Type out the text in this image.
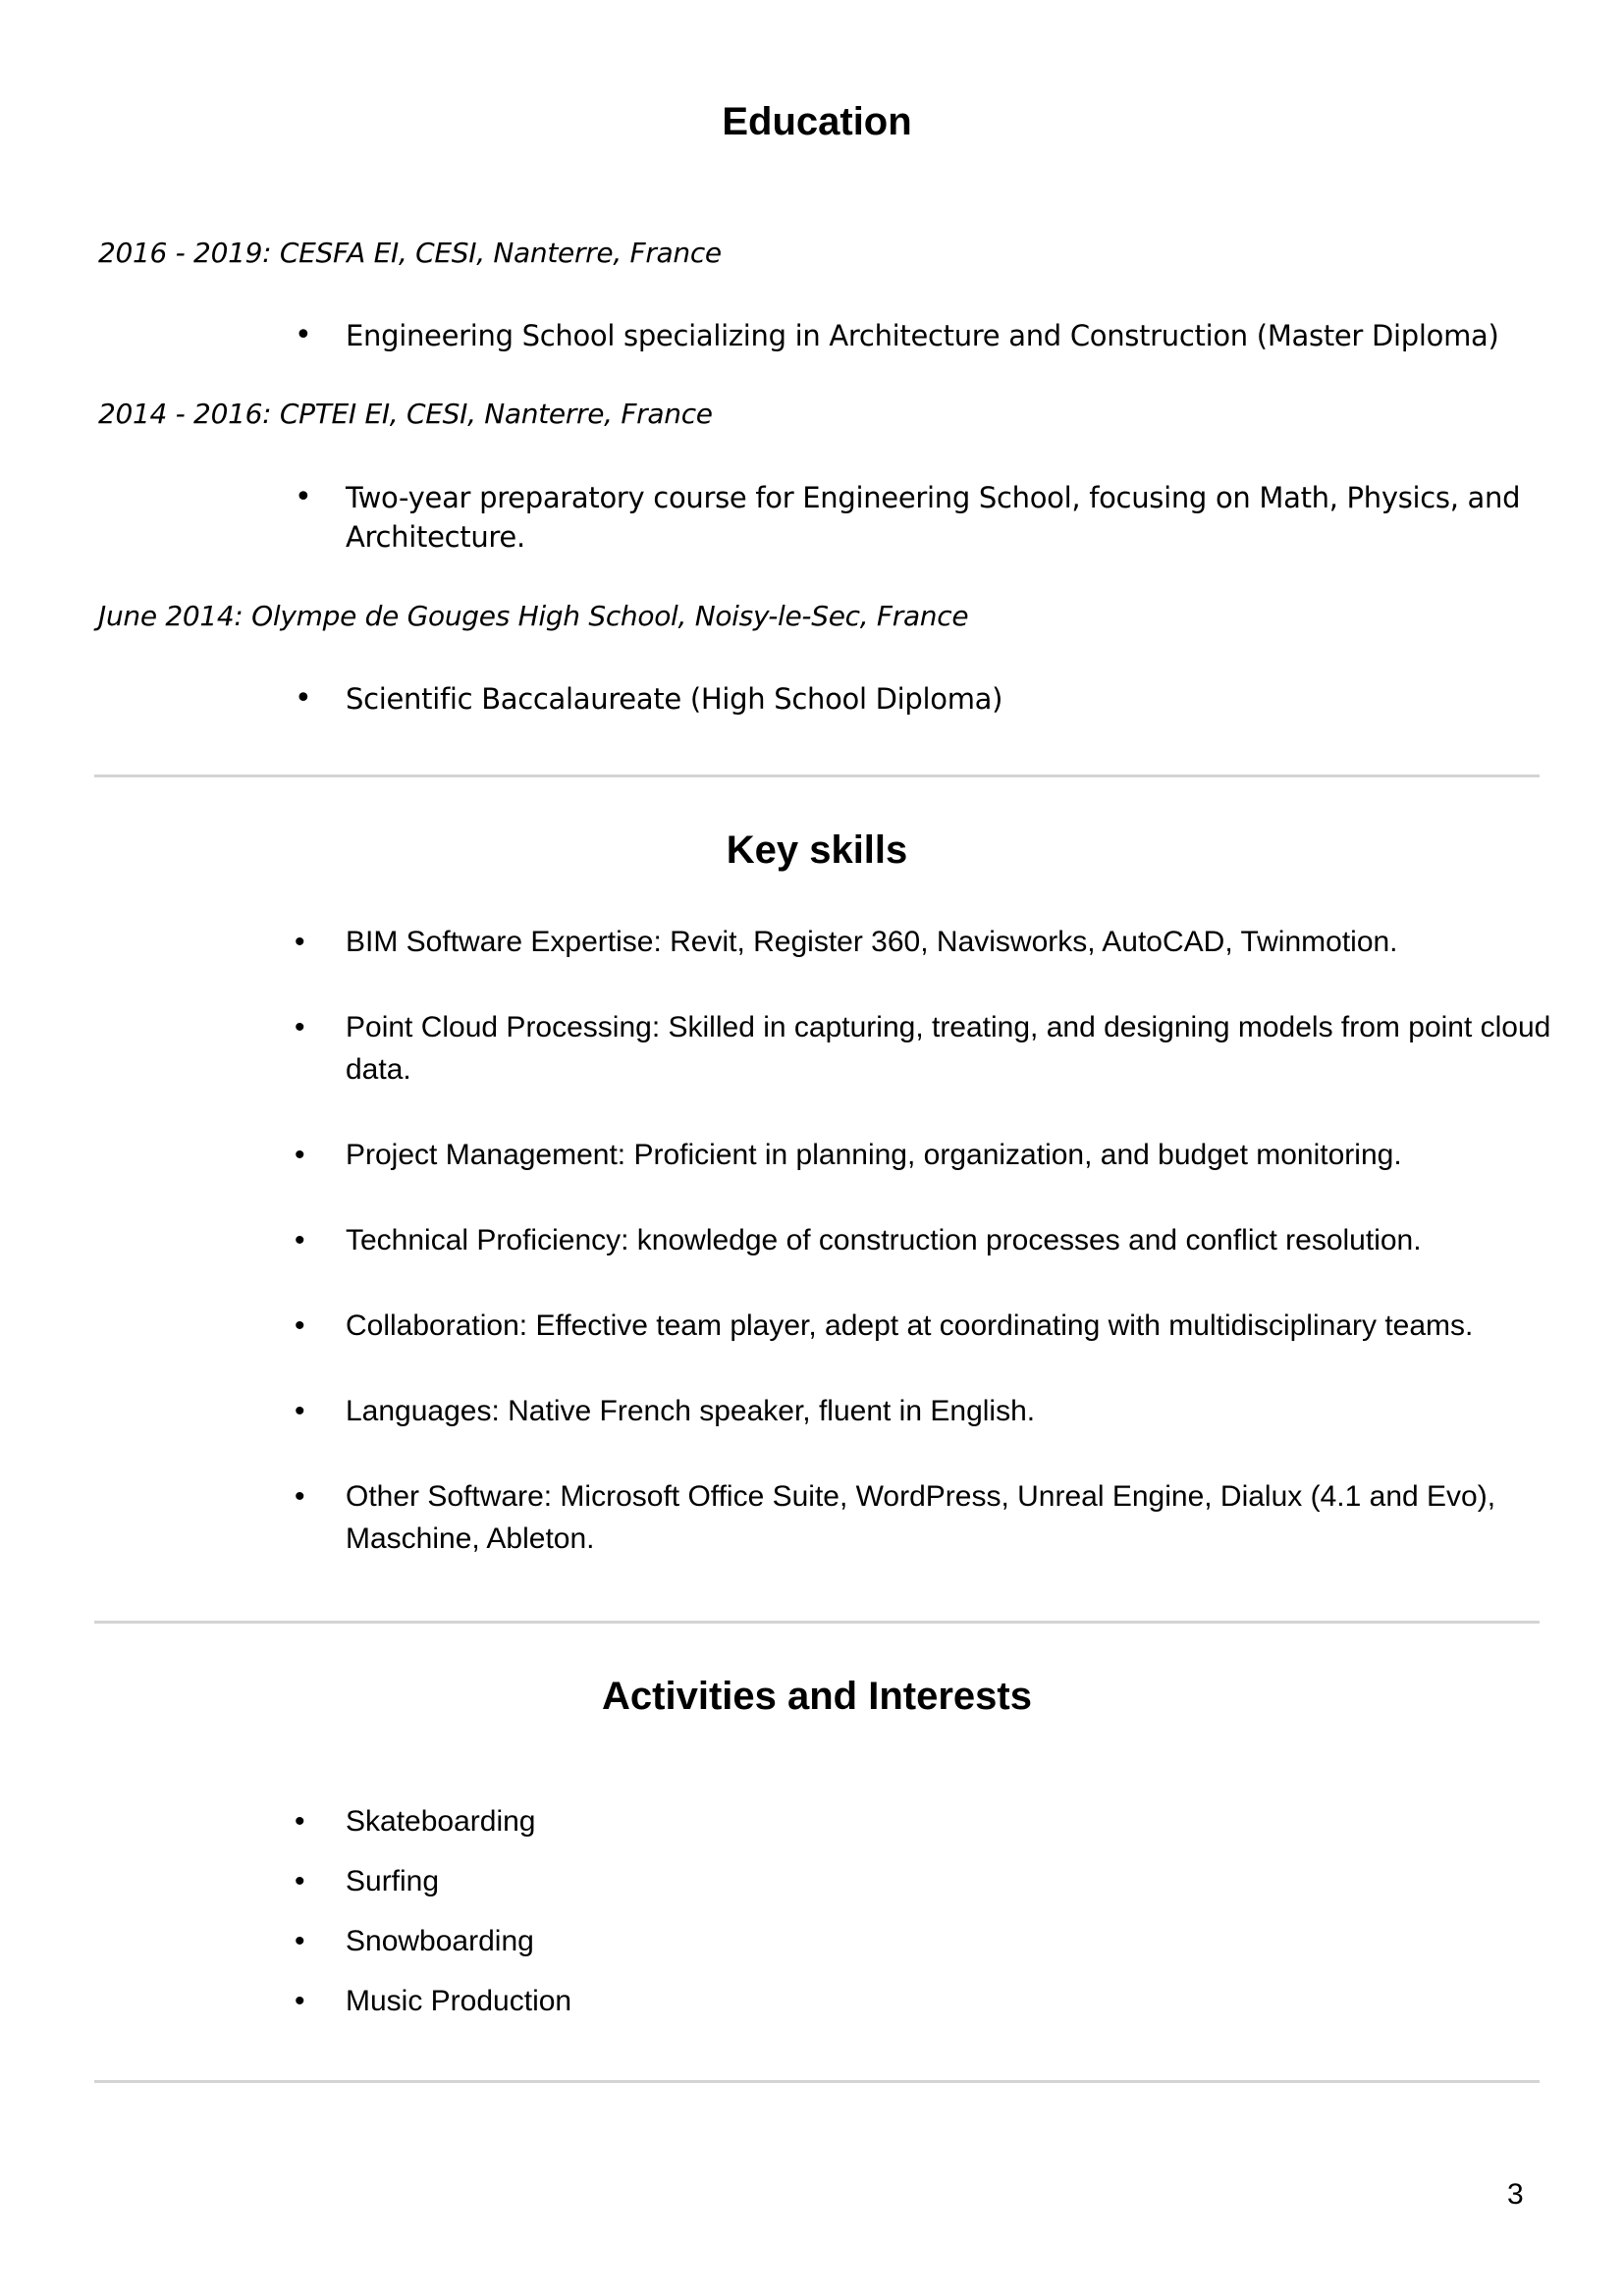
Education

2016 - 2019: CESFA EI, CESI, Nanterre, France

• Engineering School specializing in Architecture and Construction (Master Diploma)

2014 - 2016: CPTEI EI, CESI, Nanterre, France

• Two-year preparatory course for Engineering School, focusing on Math, Physics, and Architecture.

June 2014: Olympe de Gouges High School, Noisy-le-Sec, France

• Scientific Baccalaureate (High School Diploma)
Key skills
• BIM Software Expertise: Revit, Register 360, Navisworks, AutoCAD, Twinmotion.
• Point Cloud Processing: Skilled in capturing, treating, and designing models from point cloud data.
• Project Management: Proficient in planning, organization, and budget monitoring.
• Technical Proficiency: knowledge of construction processes and conflict resolution.
• Collaboration: Effective team player, adept at coordinating with multidisciplinary teams.
• Languages: Native French speaker, fluent in English.
• Other Software: Microsoft Office Suite, WordPress, Unreal Engine, Dialux (4.1 and Evo), Maschine, Ableton.
Activities and Interests
• Skateboarding
• Surfing
• Snowboarding
• Music Production
3
